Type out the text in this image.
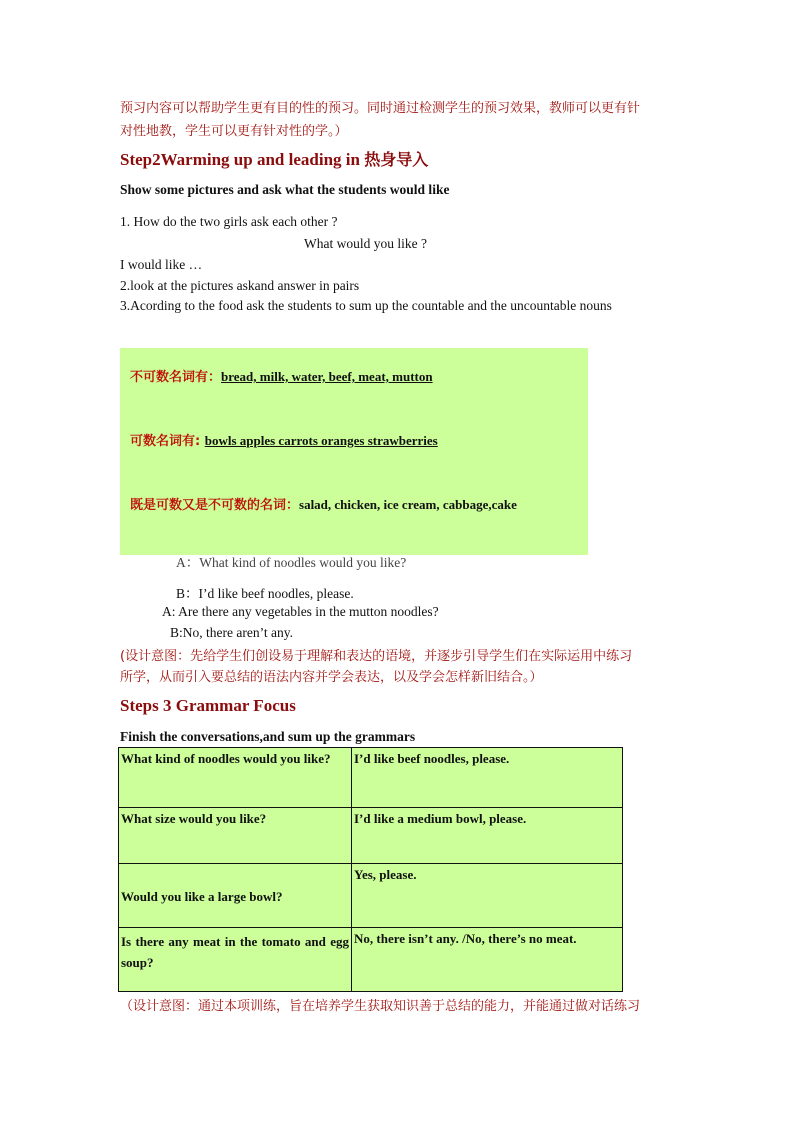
预习内容可以帮助学生更有目的性的预习。同时通过检测学生的预习效果，教师可以更有针
对性地教，学生可以更有针对性的学。）
Step2Warming up and leading in 热身导入
Show some pictures and ask what the students would like
1. How do the two girls ask each other ?
What would you like ?
I would like …
2.look at the pictures askand answer in pairs
3.Acording to the food ask the students to sum up the countable and the uncountable nouns
A：What kind of noodles would you like?
不可数名词有：bread, milk, water, beef, meat, mutton
可数名词有: bowls apples carrots oranges strawberries
既是可数又是不可数的名词：salad, chicken, ice cream, cabbage,cake
B：I’d like beef noodles, please.
A: Are there any vegetables in the mutton noodles?
B:No, there aren’t any.
(设计意图：先给学生们创设易于理解和表达的语境，并逐步引导学生们在实际运用中练习
所学，从而引入要总结的语法内容并学会表达，以及学会怎样新旧结合。）
Steps 3 Grammar Focus
Finish the conversations,and sum up the grammars
What kind of noodles would you like?	I’d like beef noodles, please.
What size would you like?	I’d like a medium bowl, please.
Would you like a large bowl?	Yes, please.
Is there any meat in the tomato and egg soup?	No, there isn’t any. /No, there’s no meat.
（设计意图：通过本项训练，旨在培养学生获取知识善于总结的能力，并能通过做对话练习
